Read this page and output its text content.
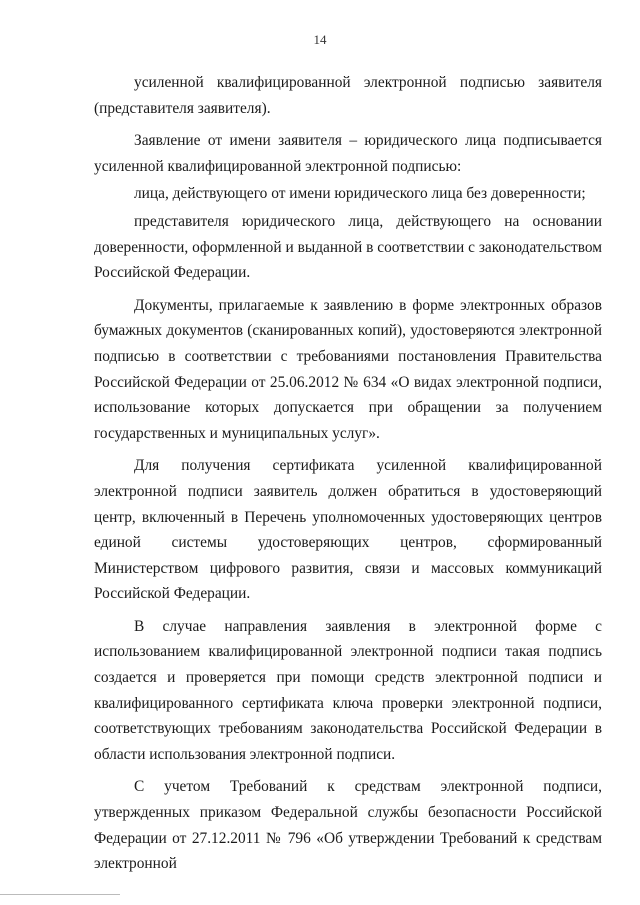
14

усиленной квалифицированной электронной подписью заявителя (представителя заявителя).

Заявление от имени заявителя – юридического лица подписывается усиленной квалифицированной электронной подписью:

лица, действующего от имени юридического лица без доверенности;

представителя юридического лица, действующего на основании доверенности, оформленной и выданной в соответствии с законодательством Российской Федерации.

Документы, прилагаемые к заявлению в форме электронных образов бумажных документов (сканированных копий), удостоверяются электронной подписью в соответствии с требованиями постановления Правительства Российской Федерации от 25.06.2012 № 634 «О видах электронной подписи, использование которых допускается при обращении за получением государственных и муниципальных услуг».

Для получения сертификата усиленной квалифицированной электронной подписи заявитель должен обратиться в удостоверяющий центр, включенный в Перечень уполномоченных удостоверяющих центров единой системы удостоверяющих центров, сформированный Министерством цифрового развития, связи и массовых коммуникаций Российской Федерации.

В случае направления заявления в электронной форме с использованием квалифицированной электронной подписи такая подпись создается и проверяется при помощи средств электронной подписи и квалифицированного сертификата ключа проверки электронной подписи, соответствующих требованиям законодательства Российской Федерации в области использования электронной подписи.

С учетом Требований к средствам электронной подписи, утвержденных приказом Федеральной службы безопасности Российской Федерации от 27.12.2011 № 796 «Об утверждении Требований к средствам электронной
